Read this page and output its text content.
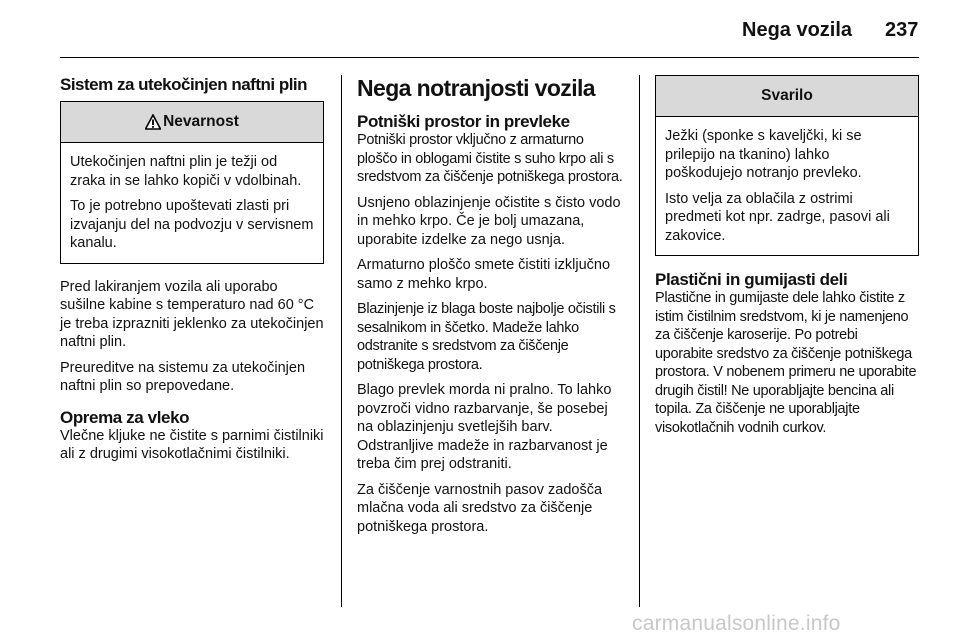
Nega vozila 237
Sistem za utekočinjen naftni plin
Nevarnost

Utekočinjen naftni plin je težji od zraka in se lahko kopiči v vdolbinah.

To je potrebno upoštevati zlasti pri izvajanju del na podvozju v servisnem kanalu.

Pred lakiranjem vozila ali uporabo sušilne kabine s temperaturo nad 60 °C je treba izprazniti jeklenko za utekočinjen naftni plin.

Preureditve na sistemu za utekočinjen naftni plin so prepovedane.

Oprema za vleko

Vlečne kljuke ne čistite s parnimi čistilniki ali z drugimi visokotlačnimi čistilniki.

Nega notranjosti vozila
Potniški prostor in prevleke

Potniški prostor vključno z armaturno ploščo in oblogami čistite s suho krpo ali s sredstvom za čiščenje potniškega prostora.

Usnjeno oblazinjenje očistite s čisto vodo in mehko krpo. Če je bolj umazana, uporabite izdelke za nego usnja.

Armaturno ploščo smete čistiti izključno samo z mehko krpo.

Blazinjenje iz blaga boste najbolje očistili s sesalnikom in ščetko. Madeže lahko odstranite s sredstvom za čiščenje potniškega prostora.

Blago prevlek morda ni pralno. To lahko povzroči vidno razbarvanje, še posebej na oblazinjenju svetlejših barv. Odstranljive madeže in razbarvanost je treba čim prej odstraniti.

Za čiščenje varnostnih pasov zadošča mlačna voda ali sredstvo za čiščenje potniškega prostora.

Svarilo

Ježki (sponke s kaveljčki, ki se prilepijo na tkanino) lahko poškodujejo notranjo prevleko.

Isto velja za oblačila z ostrimi predmeti kot npr. zadrge, pasovi ali zakovice.

Plastični in gumijasti deli

Plastične in gumijaste dele lahko čistite z istim čistilnim sredstvom, ki je namenjeno za čiščenje karoserije. Po potrebi uporabite sredstvo za čiščenje potniškega prostora. V nobenem primeru ne uporabite drugih čistil! Ne uporabljajte bencina ali topila. Za čiščenje ne uporabljajte visokotlačnih vodnih curkov.

carmanualsonline.info
